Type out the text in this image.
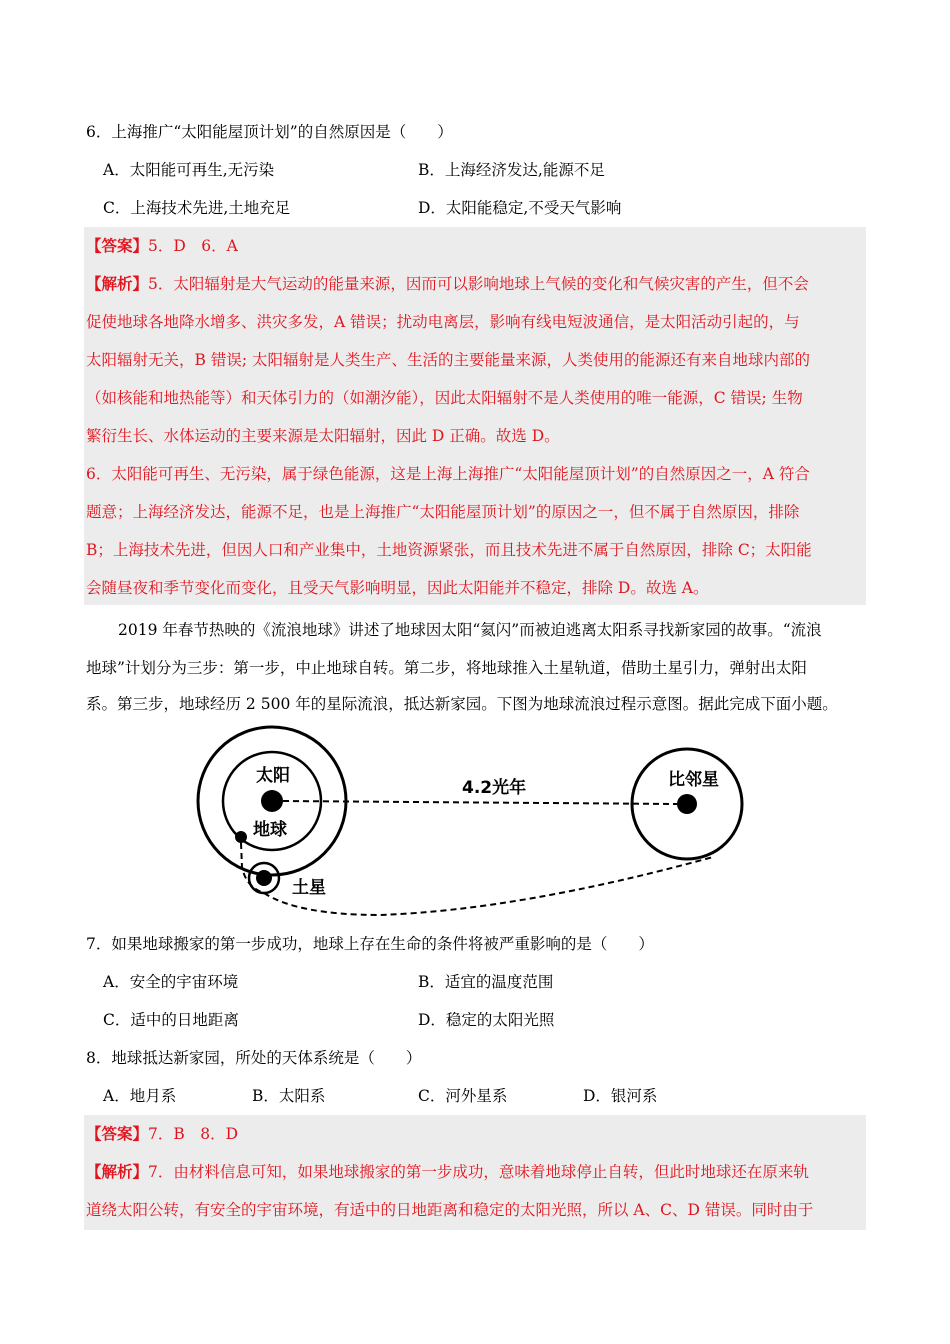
6．上海推广“太阳能屋顶计划”的自然原因是（　　）
A．太阳能可再生,无污染	B．上海经济发达,能源不足
C．上海技术先进,土地充足	D．太阳能稳定,不受天气影响
【答案】5．D　6．A
【解析】5．太阳辐射是大气运动的能量来源，因而可以影响地球上气候的变化和气候灾害的产生，但不会
促使地球各地降水增多、洪灾多发，A 错误；扰动电离层，影响有线电短波通信，是太阳活动引起的，与
太阳辐射无关，B 错误; 太阳辐射是人类生产、生活的主要能量来源，人类使用的能源还有来自地球内部的
（如核能和地热能等）和天体引力的（如潮汐能），因此太阳辐射不是人类使用的唯一能源，C 错误; 生物
繁衍生长、水体运动的主要来源是太阳辐射，因此 D 正确。故选 D。
6．太阳能可再生、无污染，属于绿色能源，这是上海上海推广“太阳能屋顶计划”的自然原因之一，A 符合
题意；上海经济发达，能源不足，也是上海推广“太阳能屋顶计划”的原因之一，但不属于自然原因，排除
B；上海技术先进，但因人口和产业集中，土地资源紧张，而且技术先进不属于自然原因，排除 C；太阳能
会随昼夜和季节变化而变化，且受天气影响明显，因此太阳能并不稳定，排除 D。故选 A。
2019 年春节热映的《流浪地球》讲述了地球因太阳“氦闪”而被迫逃离太阳系寻找新家园的故事。“流浪
地球”计划分为三步：第一步，中止地球自转。第二步，将地球推入土星轨道，借助土星引力，弹射出太阳
系。第三步，地球经历 2 500 年的星际流浪，抵达新家园。下图为地球流浪过程示意图。据此完成下面小题。
太阳
地球
土星
比邻星
4.2光年
7．如果地球搬家的第一步成功，地球上存在生命的条件将被严重影响的是（　　）
A．安全的宇宙环境	B．适宜的温度范围
C．适中的日地距离	D．稳定的太阳光照
8．地球抵达新家园，所处的天体系统是（　　）
A．地月系	B．太阳系	C．河外星系	D．银河系
【答案】7．B　8．D
【解析】7．由材料信息可知，如果地球搬家的第一步成功，意味着地球停止自转，但此时地球还在原来轨
道绕太阳公转，有安全的宇宙环境，有适中的日地距离和稳定的太阳光照，所以 A、C、D 错误。同时由于
